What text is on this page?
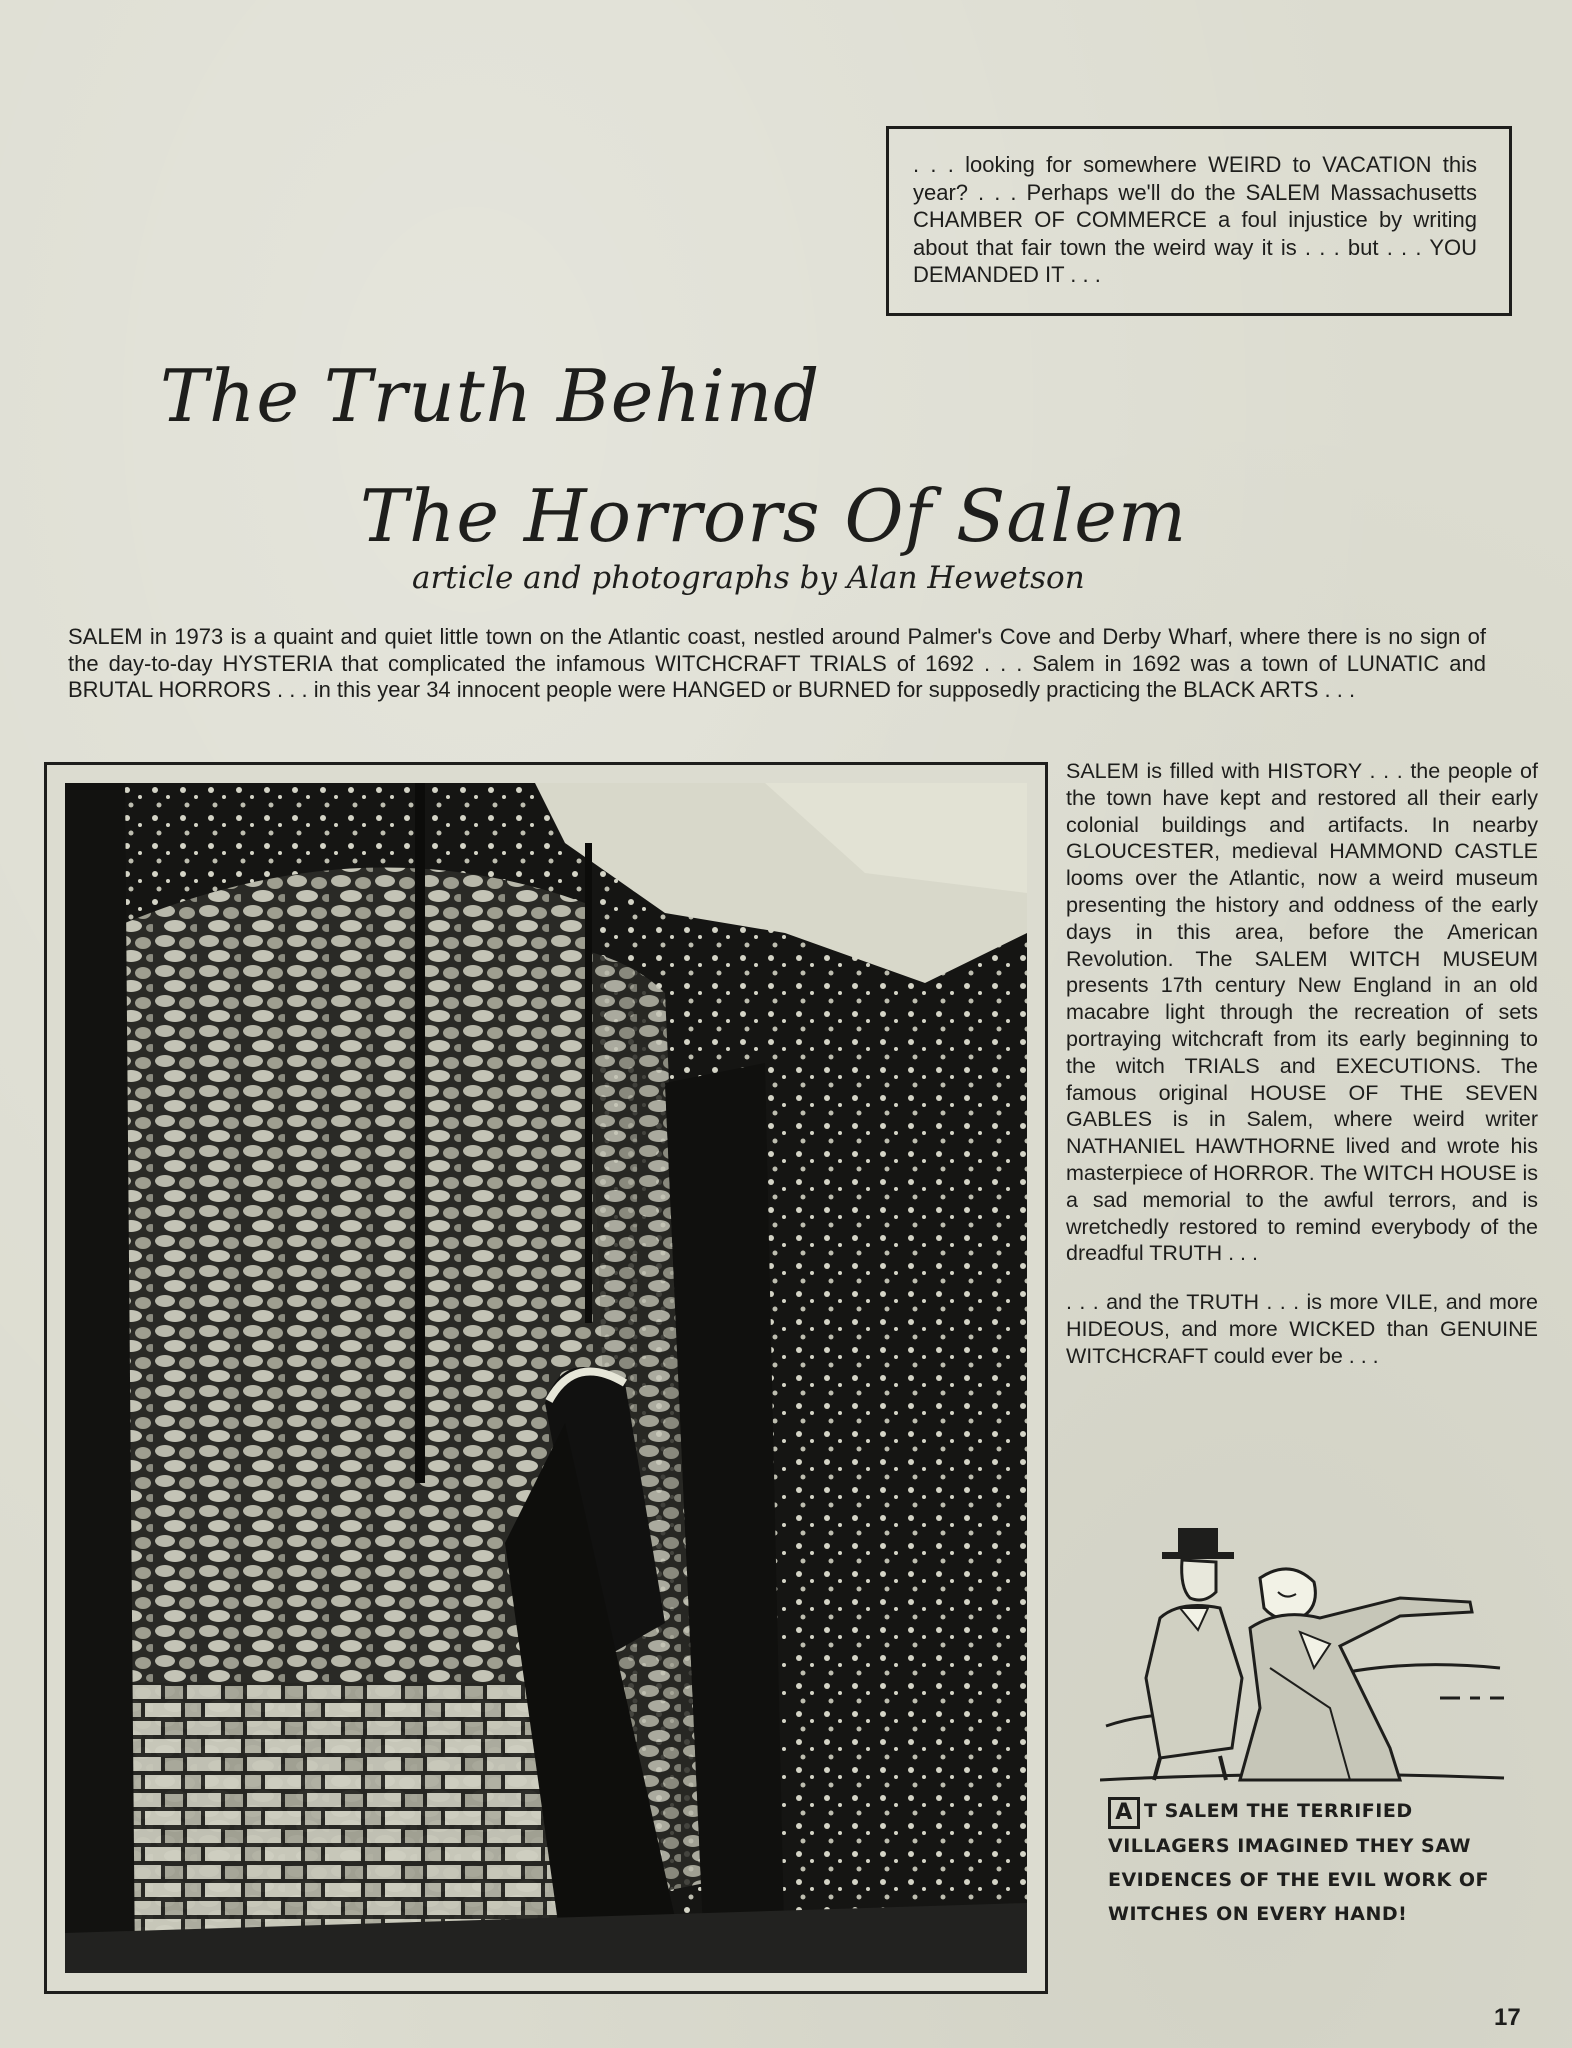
. . . looking for somewhere WEIRD to VACATION this year? . . . Perhaps we'll do the SALEM Massachusetts CHAMBER OF COMMERCE a foul injustice by writing about that fair town the weird way it is . . . but . . . YOU DEMANDED IT . . .

The Truth Behind
The Horrors Of Salem
article and photographs by Alan Hewetson

SALEM in 1973 is a quaint and quiet little town on the Atlantic coast, nestled around Palmer's Cove and Derby Wharf, where there is no sign of the day-to-day HYSTERIA that complicated the infamous WITCHCRAFT TRIALS of 1692 . . . Salem in 1692 was a town of LUNATIC and BRUTAL HORRORS . . . in this year 34 innocent people were HANGED or BURNED for supposedly practicing the BLACK ARTS . . .

SALEM is filled with HISTORY . . . the people of the town have kept and restored all their early colonial buildings and artifacts. In nearby GLOUCESTER, medieval HAMMOND CASTLE looms over the Atlantic, now a weird museum presenting the history and oddness of the early days in this area, before the American Revolution. The SALEM WITCH MUSEUM presents 17th century New England in an old macabre light through the recreation of sets portraying witchcraft from its early beginning to the witch TRIALS and EXECUTIONS. The famous original HOUSE OF THE SEVEN GABLES is in Salem, where weird writer NATHANIEL HAWTHORNE lived and wrote his masterpiece of HORROR. The WITCH HOUSE is a sad memorial to the awful terrors, and is wretchedly restored to remind everybody of the dreadful TRUTH . . .

. . . and the TRUTH . . . is more VILE, and more HIDEOUS, and more WICKED than GENUINE WITCHCRAFT could ever be . . .

A T SALEM THE TERRIFIED VILLAGERS IMAGINED THEY SAW EVIDENCES OF THE EVIL WORK OF WITCHES ON EVERY HAND!
17
